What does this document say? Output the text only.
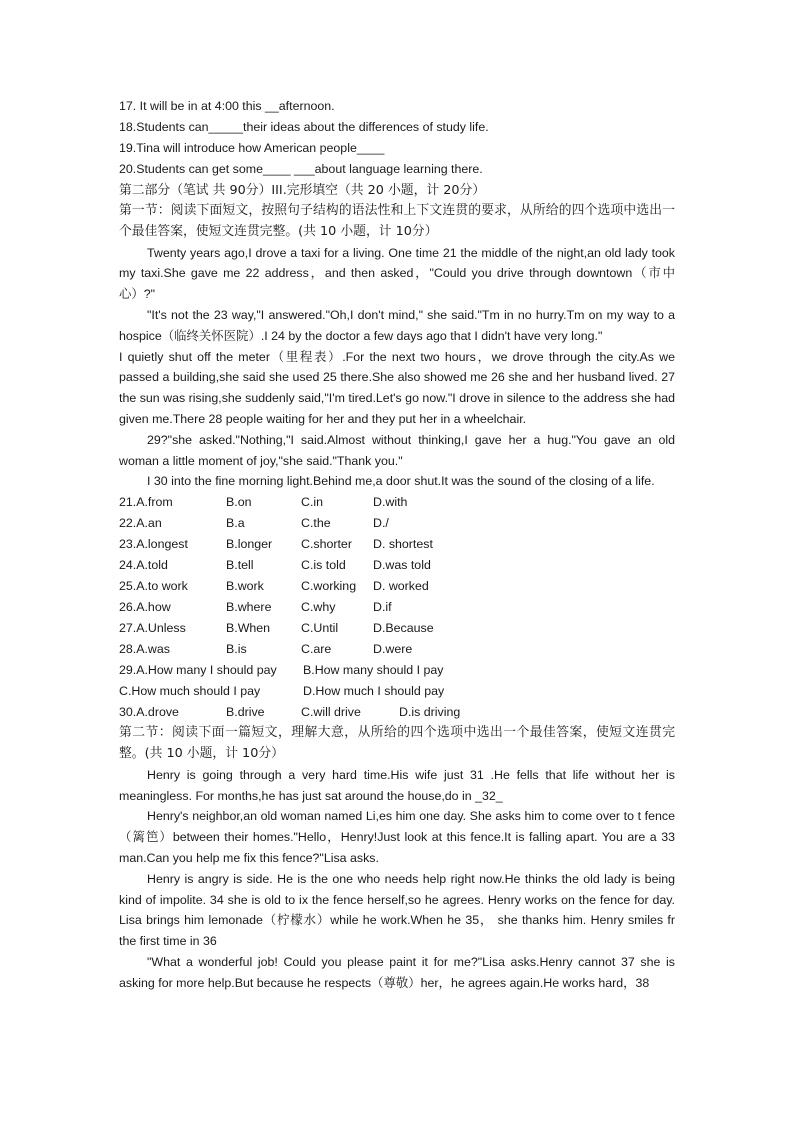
17. It will be in at 4:00 this __afternoon.
18.Students can_____their ideas about the differences of study life.
19.Tina will introduce how American people____
20.Students can get some____ ___about language learning there.
第二部分（笔试 共 90分）III.完形填空（共 20 小题，计 20分）
第一节：阅读下面短文，按照句子结构的语法性和上下文连贯的要求，从所给的四个选项中选出一个最佳答案，使短文连贯完整。(共 10 小题，计 10分）
Twenty years ago,I drove a taxi for a living. One time 21 the middle of the night,an old lady took my taxi.She gave me 22 address，and then asked，"Could you drive through downtown（市中心）?"
"It's not the 23 way,"I answered."Oh,I don't mind," she said."Tm in no hurry.Tm on my way to a hospice（临终关怀医院）.I 24 by the doctor a few days ago that I didn't have very long."
I quietly shut off the meter（里程表）.For the next two hours，we drove through the city.As we passed a building,she said she used 25 there.She also showed me 26 she and her husband lived. 27 the sun was rising,she suddenly said,"I'm tired.Let's go now."I drove in silence to the address she had given me.There 28 people waiting for her and they put her in a wheelchair.
29?"she asked."Nothing,"I said.Almost without thinking,I gave her a hug."You gave an old woman a little moment of joy,"she said."Thank you."
I 30 into the fine morning light.Behind me,a door shut.It was the sound of the closing of a life.
21.A.from	B.on	C.in	D.with
22.A.an	B.a	C.the	D./
23.A.longest	B.longer C.shorter D. shortest
24.A.told	B.tell	C.is told D.was told
25.A.to work	B.work	C.working D. worked
26.A.how	B.where C.why	D.if
27.A.Unless	B.When C.Until	D.Because
28.A.was	B.is	C.are	D.were
29.A.How many I should pay B.How many should I pay
C.How much should I pay	D.How much I should pay
30.A.drove	B.drive	C.will drive	D.is driving
第二节：阅读下面一篇短文，理解大意，从所给的四个选项中选出一个最佳答案，使短文连贯完整。(共 10 小题，计 10分）
Henry is going through a very hard time.His wife just 31 .He fells that life without her is meaningless. For months,he has just sat around the house,do in _32_
Henry's neighbor,an old woman named Li,es him one day. She asks him to come over to t fence（篱笆）between their homes."Hello，Henry!Just look at this fence.It is falling apart. You are a 33 man.Can you help me fix this fence?"Lisa asks.
Henry is angry is side. He is the one who needs help right now.He thinks the old lady is being kind of impolite. 34 she is old to ix the fence herself,so he agrees. Henry works on the fence for day. Lisa brings him lemonade（柠檬水）while he work.When he 35， she thanks him. Henry smiles fr the first time in 36
"What a wonderful job! Could you please paint it for me?"Lisa asks.Henry cannot 37 she is asking for more help.But because he respects（尊敬）her，he agrees again.He works hard，38
